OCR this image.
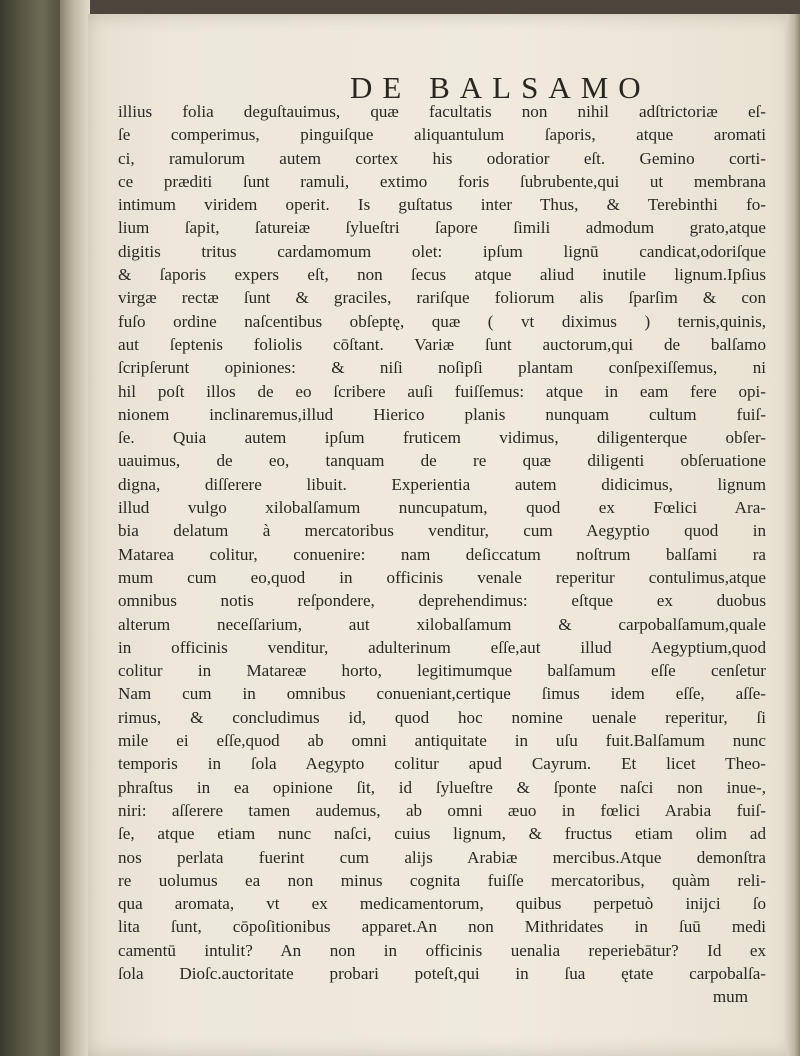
DE BALSAMO
illius folia deguſtauimus, quæ facultatis non nihil adſtrictoriæ eſ-
ſe comperimus, pinguiſque aliquantulum ſaporis, atque aromati
ci, ramulorum autem cortex his odoratior eſt. Gemino corti-
ce præditi ſunt ramuli, extimo foris ſubrubente,qui ut membrana
intimum viridem operit. Is guſtatus inter Thus, & Terebinthi fo-
lium ſapit, ſatureiæ ſylueſtri ſapore ſimili admodum grato,atque
digitis tritus cardamomum olet: ipſum lignū candicat,odoriſque
& ſaporis expers eſt, non ſecus atque aliud inutile lignum.Ipſius
virgæ rectæ ſunt & graciles, rariſque foliorum alis ſparſim & con
fuſo ordine naſcentibus obſeptę, quæ ( vt diximus ) ternis,quinis,
aut ſeptenis foliolis cōſtant. Variæ ſunt auctorum,qui de balſamo
ſcripſerunt opiniones: & niſi noſipſi plantam conſpexiſſemus, ni
hil poſt illos de eo ſcribere auſi fuiſſemus: atque in eam fere opi-
nionem inclinaremus,illud Hierico planis nunquam cultum fuiſ-
ſe. Quia autem ipſum fruticem vidimus, diligenterque obſer-
uauimus, de eo, tanquam de re quæ diligenti obſeruatione
digna, diſſerere libuit. Experientia autem didicimus, lignum
illud vulgo xilobalſamum nuncupatum, quod ex Fœlici Ara-
bia delatum à mercatoribus venditur, cum Aegyptio quod in
Matarea colitur, conuenire: nam deſiccatum noſtrum balſami ra
mum cum eo,quod in officinis venale reperitur contulimus,atque
omnibus notis reſpondere, deprehendimus: eſtque ex duobus
alterum neceſſarium, aut xilobalſamum & carpobalſamum,quale
in officinis venditur, adulterinum eſſe,aut illud Aegyptium,quod
colitur in Matareæ horto, legitimumque balſamum eſſe cenſetur
Nam cum in omnibus conueniant,certique ſimus idem eſſe, aſſe-
rimus, & concludimus id, quod hoc nomine uenale reperitur, ſi
mile ei eſſe,quod ab omni antiquitate in uſu fuit.Balſamum nunc
temporis in ſola Aegypto colitur apud Cayrum. Et licet Theo-
phraſtus in ea opinione ſit, id ſylueſtre & ſponte naſci non inue-,
niri: aſſerere tamen audemus, ab omni æuo in fœlici Arabia fuiſ-
ſe, atque etiam nunc naſci, cuius lignum, & fructus etiam olim ad
nos perlata fuerint cum alijs Arabiæ mercibus.Atque demonſtra
re uolumus ea non minus cognita fuiſſe mercatoribus, quàm reli-
qua aromata, vt ex medicamentorum, quibus perpetuò inijci ſo
lita ſunt, cōpoſitionibus apparet.An non Mithridates in ſuū medi
camentū intulit? An non in officinis uenalia reperiebātur? Id ex
ſola Dioſc.auctoritate probari poteſt,qui in ſua ętate carpobalſa-
mum
